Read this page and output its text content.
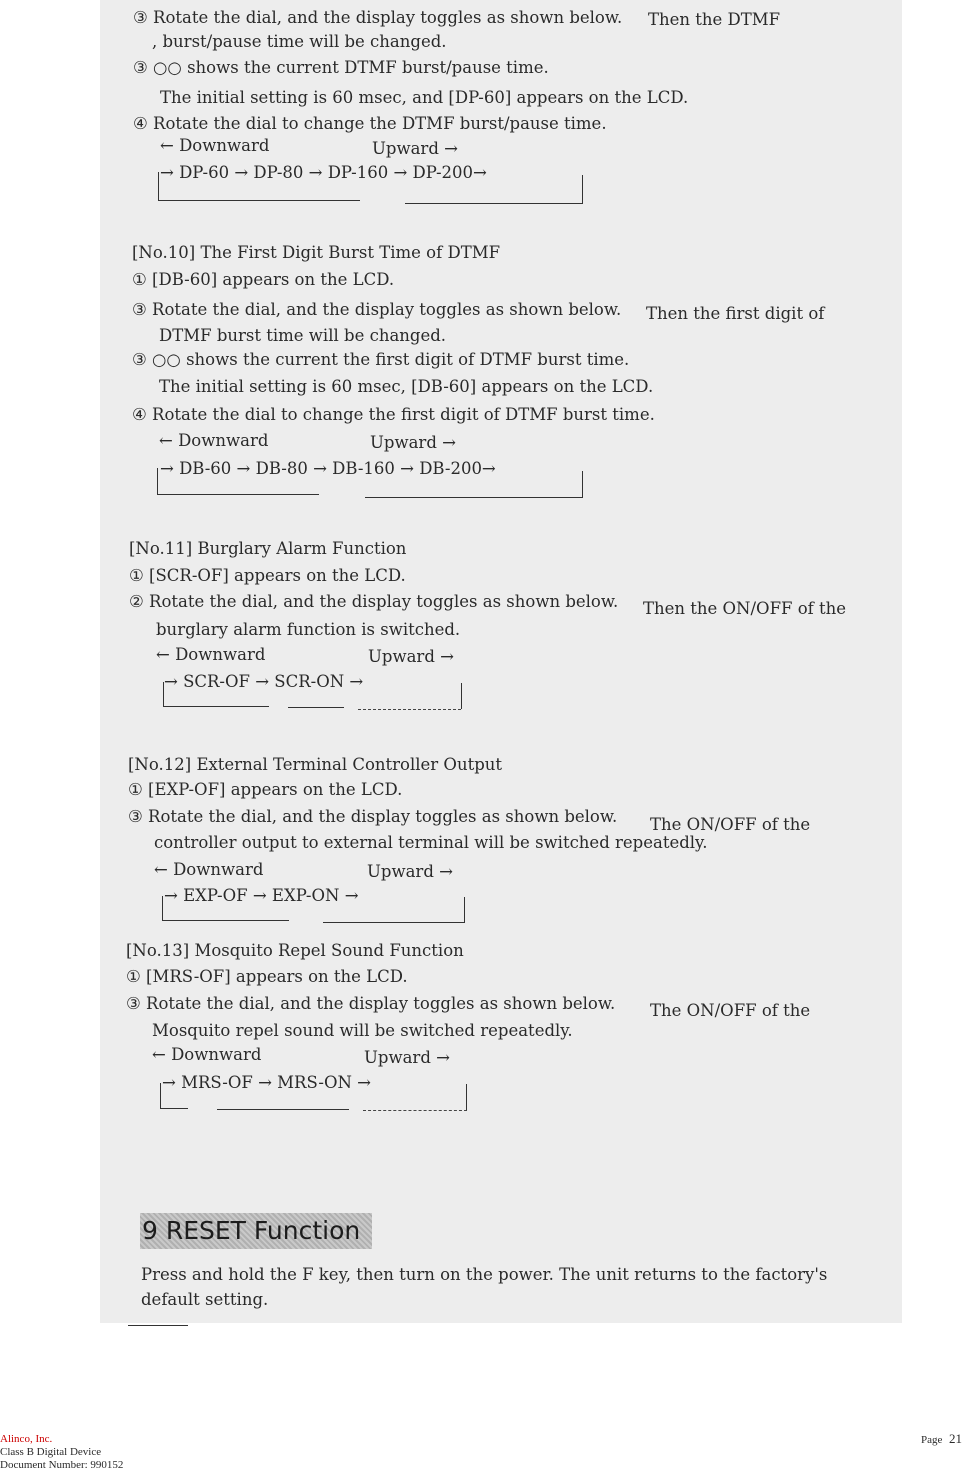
③ Rotate the dial, and the display toggles as shown below. Then the DTMF
, burst/pause time will be changed.
③ ○○ shows the current DTMF burst/pause time.
The initial setting is 60 msec, and [DP-60] appears on the LCD.
④ Rotate the dial to change the DTMF burst/pause time.
← Downward	Upward →
→ DP-60 → DP-80 → DP-160 → DP-200→
[No.10] The First Digit Burst Time of DTMF
① [DB-60] appears on the LCD.
③ Rotate the dial, and the display toggles as shown below. Then the first digit of
DTMF burst time will be changed.
③ ○○ shows the current the first digit of DTMF burst time.
The initial setting is 60 msec, [DB-60] appears on the LCD.
④ Rotate the dial to change the first digit of DTMF burst time.
← Downward	Upward →
→ DB-60 → DB-80 → DB-160 → DB-200→
[No.11] Burglary Alarm Function
① [SCR-OF] appears on the LCD.
② Rotate the dial, and the display toggles as shown below. Then the ON/OFF of the
burglary alarm function is switched.
← Downward	Upward →
→ SCR-OF → SCR-ON →
[No.12] External Terminal Controller Output
① [EXP-OF] appears on the LCD.
③ Rotate the dial, and the display toggles as shown below. The ON/OFF of the
controller output to external terminal will be switched repeatedly.
← Downward	Upward →
→ EXP-OF → EXP-ON →
[No.13] Mosquito Repel Sound Function
① [MRS-OF] appears on the LCD.
③ Rotate the dial, and the display toggles as shown below. The ON/OFF of the
Mosquito repel sound will be switched repeatedly.
← Downward	Upward →
→ MRS-OF → MRS-ON →
9 RESET Function
Press and hold the F key, then turn on the power. The unit returns to the factory's
default setting.
Alinco, Inc.
Class B Digital Device
Document Number: 990152
Page 21
